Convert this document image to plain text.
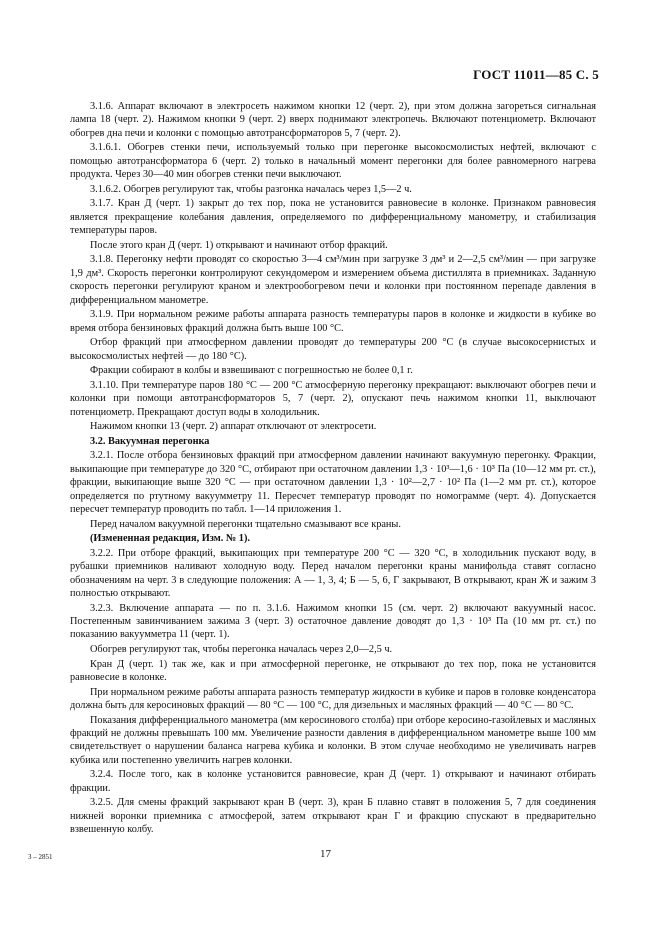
ГОСТ 11011—85 С. 5

3.1.6. Аппарат включают в электросеть нажимом кнопки 12 (черт. 2), при этом должна загореться сигнальная лампа 18 (черт. 2). Нажимом кнопки 9 (черт. 2) вверх поднимают электропечь. Включают потенциометр. Включают обогрев дна печи и колонки с помощью автотрансформаторов 5, 7 (черт. 2).

3.1.6.1. Обогрев стенки печи, используемый только при перегонке высокосмолистых нефтей, включают с помощью автотрансформатора 6 (черт. 2) только в начальный момент перегонки для более равномерного нагрева продукта. Через 30—40 мин обогрев стенки печи выключают.

3.1.6.2. Обогрев регулируют так, чтобы разгонка началась через 1,5—2 ч.

3.1.7. Кран Д (черт. 1) закрыт до тех пор, пока не установится равновесие в колонке. Признаком равновесия является прекращение колебания давления, определяемого по дифференциальному манометру, и стабилизация температуры паров.

После этого кран Д (черт. 1) открывают и начинают отбор фракций.

3.1.8. Перегонку нефти проводят со скоростью 3—4 см³/мин при загрузке 3 дм³ и 2—2,5 см³/мин — при загрузке 1,9 дм³. Скорость перегонки контролируют секундомером и измерением объема дистиллята в приемниках. Заданную скорость перегонки регулируют краном и электрообогревом печи и колонки при постоянном перепаде давления в дифференциальном манометре.

3.1.9. При нормальном режиме работы аппарата разность температуры паров в колонке и жидкости в кубике во время отбора бензиновых фракций должна быть выше 100 °С.

Отбор фракций при атмосферном давлении проводят до температуры 200 °С (в случае высокосернистых и высокосмолистых нефтей — до 180 °С).

Фракции собирают в колбы и взвешивают с погрешностью не более 0,1 г.

3.1.10. При температуре паров 180 °С — 200 °С атмосферную перегонку прекращают: выключают обогрев печи и колонки при помощи автотрансформаторов 5, 7 (черт. 2), опускают печь нажимом кнопки 11, выключают потенциометр. Прекращают доступ воды в холодильник.

Нажимом кнопки 13 (черт. 2) аппарат отключают от электросети.

3.2. Вакуумная перегонка

3.2.1. После отбора бензиновых фракций при атмосферном давлении начинают вакуумную перегонку. Фракции, выкипающие при температуре до 320 °С, отбирают при остаточном давлении 1,3 · 10³—1,6 · 10³ Па (10—12 мм рт. ст.), фракции, выкипающие выше 320 °С — при остаточном давлении 1,3 · 10²—2,7 · 10² Па (1—2 мм рт. ст.), которое определяется по ртутному вакуумметру 11. Пересчет температур проводят по номограмме (черт. 4). Допускается пересчет температур проводить по табл. 1—14 приложения 1.

Перед началом вакуумной перегонки тщательно смазывают все краны.

(Измененная редакция, Изм. № 1).

3.2.2. При отборе фракций, выкипающих при температуре 200 °С — 320 °С, в холодильник пускают воду, в рубашки приемников наливают холодную воду. Перед началом перегонки краны манифольда ставят согласно обозначениям на черт. 3 в следующие положения: А — 1, 3, 4; Б — 5, 6, Г закрывают, В открывают, кран Ж и зажим З полностью открывают.

3.2.3. Включение аппарата — по п. 3.1.6. Нажимом кнопки 15 (см. черт. 2) включают вакуумный насос. Постепенным завинчиванием зажима З (черт. 3) остаточное давление доводят до 1,3 · 10³ Па (10 мм рт. ст.) по показанию вакуумметра 11 (черт. 1).

Обогрев регулируют так, чтобы перегонка началась через 2,0—2,5 ч.

Кран Д (черт. 1) так же, как и при атмосферной перегонке, не открывают до тех пор, пока не установится равновесие в колонке.

При нормальном режиме работы аппарата разность температур жидкости в кубике и паров в головке конденсатора должна быть для керосиновых фракций — 80 °С — 100 °С, для дизельных и масляных фракций — 40 °С — 80 °С.

Показания дифференциального манометра (мм керосинового столба) при отборе керосино-газойлевых и масляных фракций не должны превышать 100 мм. Увеличение разности давления в дифференциальном манометре выше 100 мм свидетельствует о нарушении баланса нагрева кубика и колонки. В этом случае необходимо не увеличивать нагрев кубика или постепенно увеличить нагрев колонки.

3.2.4. После того, как в колонке установится равновесие, кран Д (черт. 1) открывают и начинают отбирать фракции.

3.2.5. Для смены фракций закрывают кран В (черт. 3), кран Б плавно ставят в положения 5, 7 для соединения нижней воронки приемника с атмосферой, затем открывают кран Г и фракцию спускают в предварительно взвешенную колбу.

3 – 2851	17
